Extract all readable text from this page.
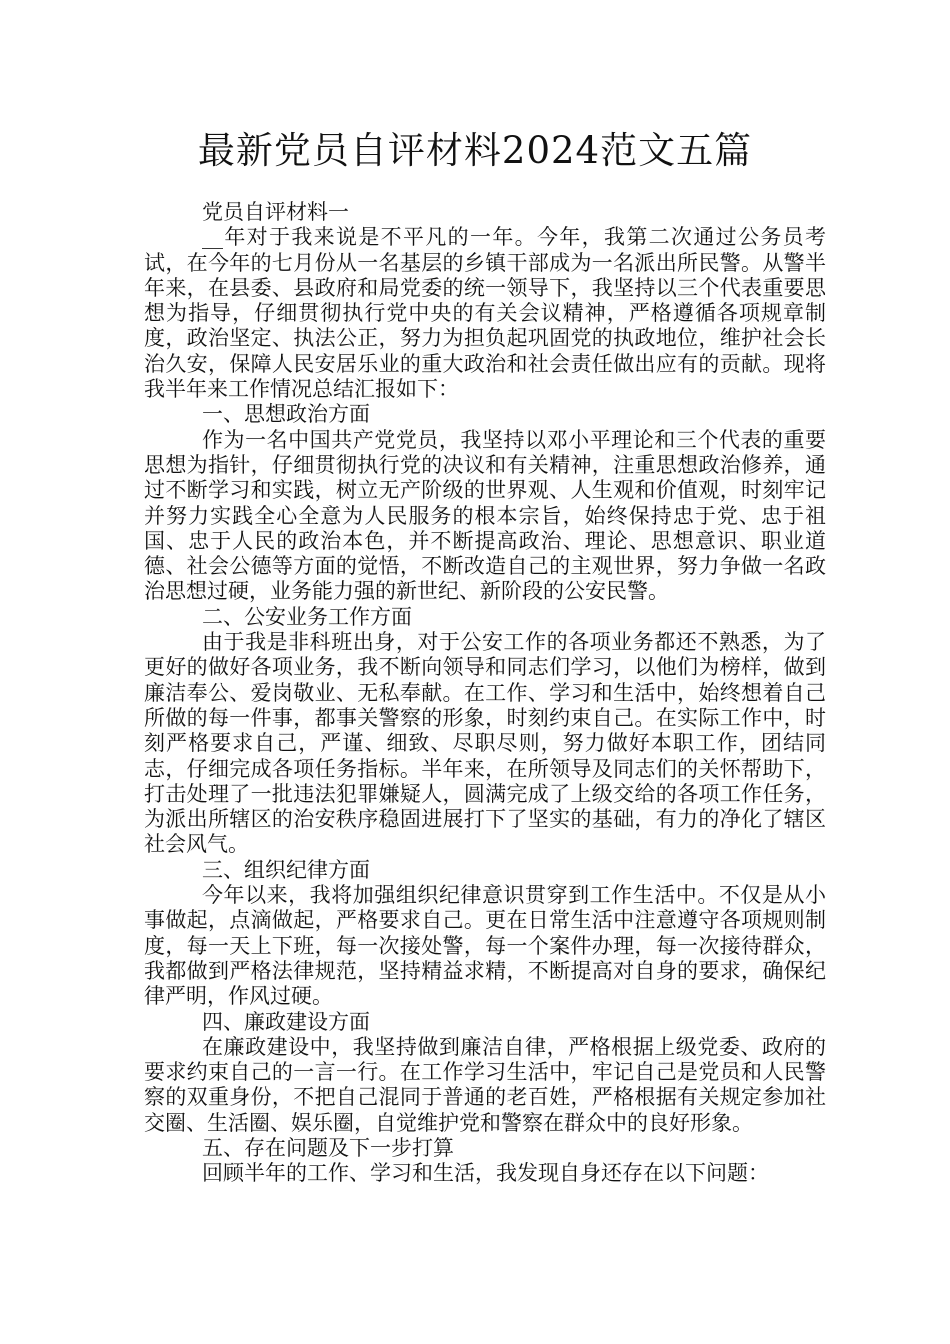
最新党员自评材料2024范文五篇

党员自评材料一

__年对于我来说是不平凡的一年。今年，我第二次通过公务员考试，在今年的七月份从一名基层的乡镇干部成为一名派出所民警。从警半年来，在县委、县政府和局党委的统一领导下，我坚持以三个代表重要思想为指导，仔细贯彻执行党中央的有关会议精神，严格遵循各项规章制度，政治坚定、执法公正，努力为担负起巩固党的执政地位，维护社会长治久安，保障人民安居乐业的重大政治和社会责任做出应有的贡献。现将我半年来工作情况总结汇报如下：

一、思想政治方面

作为一名中国共产党党员，我坚持以邓小平理论和三个代表的重要思想为指针，仔细贯彻执行党的决议和有关精神，注重思想政治修养，通过不断学习和实践，树立无产阶级的世界观、人生观和价值观，时刻牢记并努力实践全心全意为人民服务的根本宗旨，始终保持忠于党、忠于祖国、忠于人民的政治本色，并不断提高政治、理论、思想意识、职业道德、社会公德等方面的觉悟，不断改造自己的主观世界，努力争做一名政治思想过硬，业务能力强的新世纪、新阶段的公安民警。

二、公安业务工作方面

由于我是非科班出身，对于公安工作的各项业务都还不熟悉，为了更好的做好各项业务，我不断向领导和同志们学习，以他们为榜样，做到廉洁奉公、爱岗敬业、无私奉献。在工作、学习和生活中，始终想着自己所做的每一件事，都事关警察的形象，时刻约束自己。在实际工作中，时刻严格要求自己，严谨、细致、尽职尽则，努力做好本职工作，团结同志，仔细完成各项任务指标。半年来，在所领导及同志们的关怀帮助下，打击处理了一批违法犯罪嫌疑人，圆满完成了上级交给的各项工作任务，为派出所辖区的治安秩序稳固进展打下了坚实的基础，有力的净化了辖区社会风气。

三、组织纪律方面

今年以来，我将加强组织纪律意识贯穿到工作生活中。不仅是从小事做起，点滴做起，严格要求自己。更在日常生活中注意遵守各项规则制度，每一天上下班，每一次接处警，每一个案件办理，每一次接待群众，我都做到严格法律规范，坚持精益求精，不断提高对自身的要求，确保纪律严明，作风过硬。

四、廉政建设方面

在廉政建设中，我坚持做到廉洁自律，严格根据上级党委、政府的要求约束自己的一言一行。在工作学习生活中，牢记自己是党员和人民警察的双重身份，不把自己混同于普通的老百姓，严格根据有关规定参加社交圈、生活圈、娱乐圈，自觉维护党和警察在群众中的良好形象。

五、存在问题及下一步打算

回顾半年的工作、学习和生活，我发现自身还存在以下问题：
